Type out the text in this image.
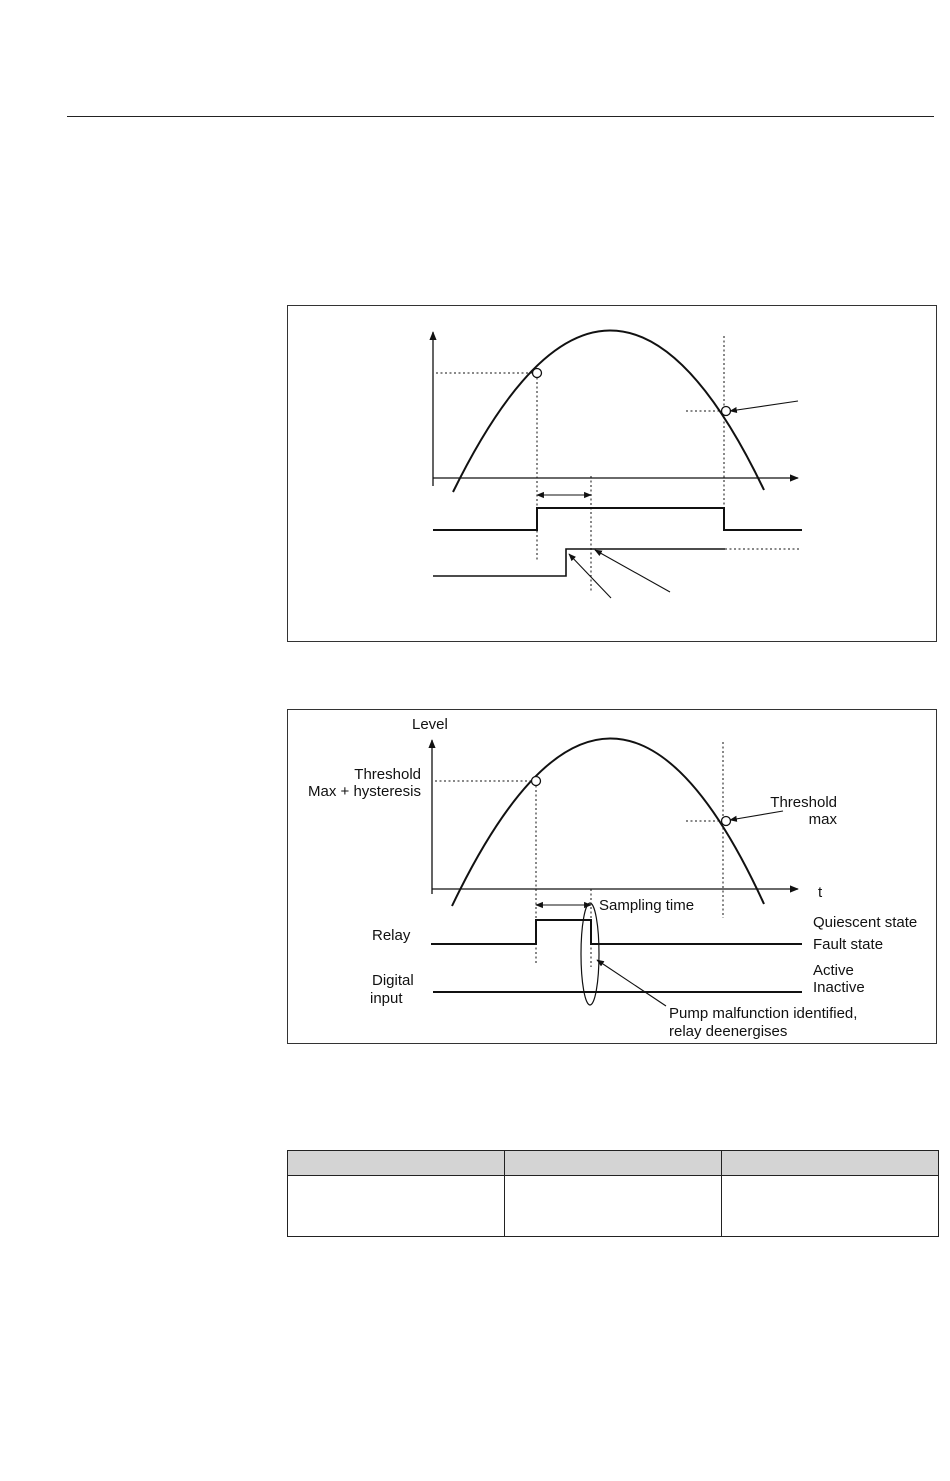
Level
Threshold
Max + hysteresis
Threshold
max
t
Sampling time
Relay
Digital
input
Quiescent state
Fault state
Active
Inactive
Pump malfunction identified,
relay deenergises
